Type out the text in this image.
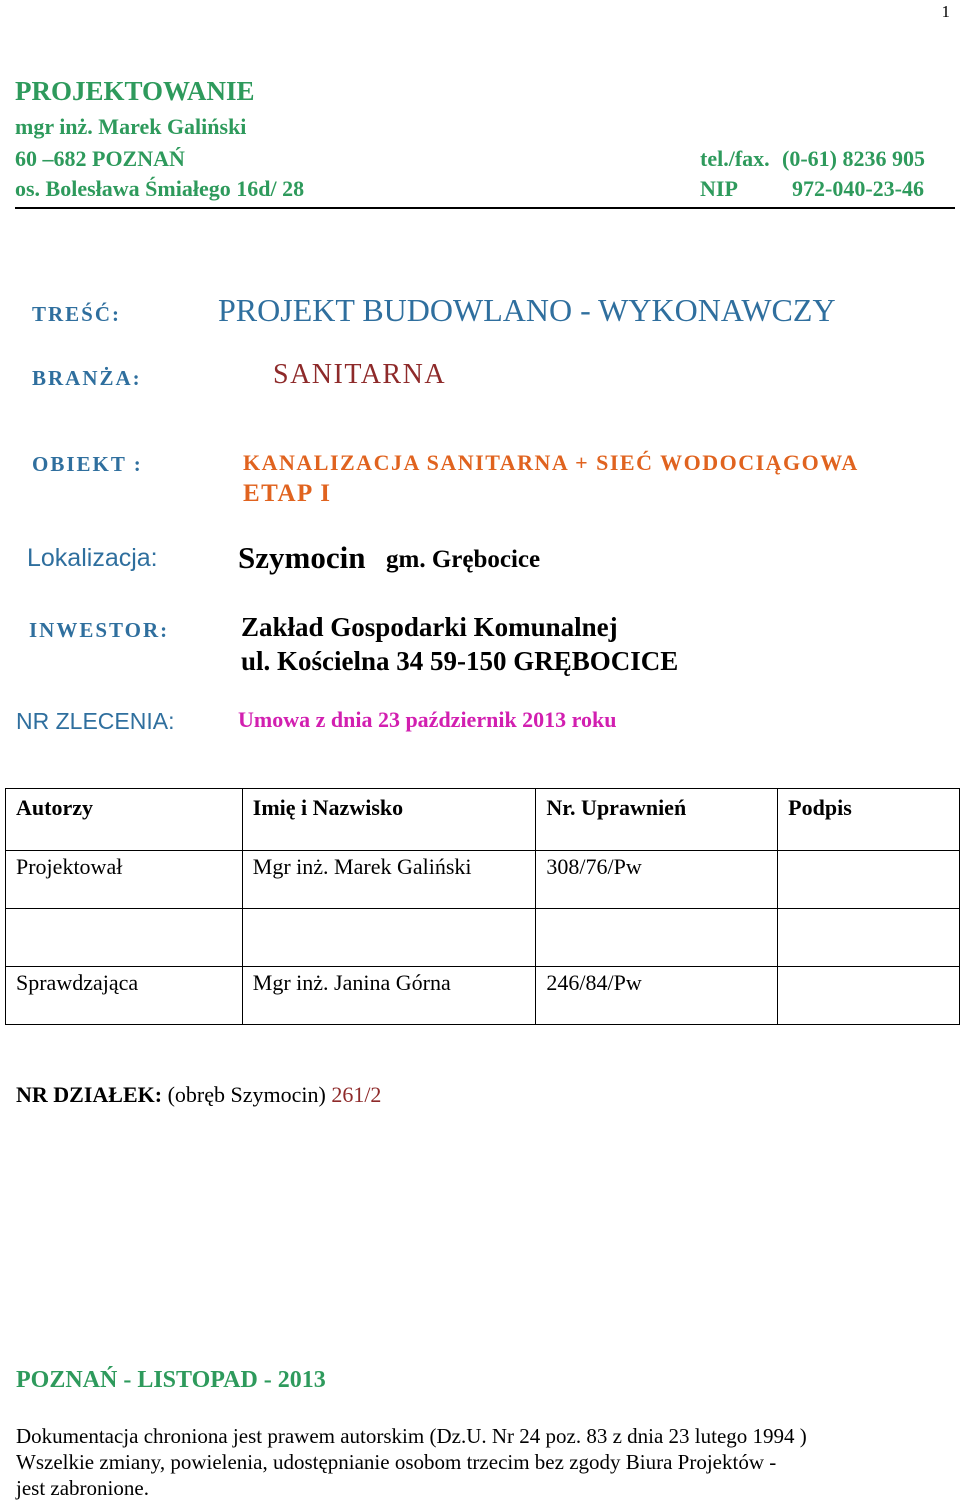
1
PROJEKTOWANIE
mgr inż. Marek Galiński
60 –682 POZNAŃ
os. Bolesława Śmiałego 16d/ 28
tel./fax. (0-61) 8236 905
NIP 972-040-23-46
TREŚĆ:	PROJEKT BUDOWLANO - WYKONAWCZY
BRANŻA:	SANITARNA
OBIEKT :	KANALIZACJA SANITARNA + SIEĆ WODOCIĄGOWA
ETAP I
Lokalizacja:	Szymocin gm. Grębocice
INWESTOR:	Zakład Gospodarki Komunalnej
ul. Kościelna 34 59-150 GRĘBOCICE
NR ZLECENIA:	Umowa z dnia 23 październik 2013 roku
Autorzy	Imię i Nazwisko	Nr. Uprawnień	Podpis
Projektował	Mgr inż. Marek Galiński	308/76/Pw	

Sprawdzająca	Mgr inż. Janina Górna	246/84/Pw	
NR DZIAŁEK: (obręb Szymocin) 261/2
POZNAŃ - LISTOPAD - 2013
Dokumentacja chroniona jest prawem autorskim (Dz.U. Nr 24 poz. 83 z dnia 23 lutego 1994 )
Wszelkie zmiany, powielenia, udostępnianie osobom trzecim bez zgody Biura Projektów -
jest zabronione.
